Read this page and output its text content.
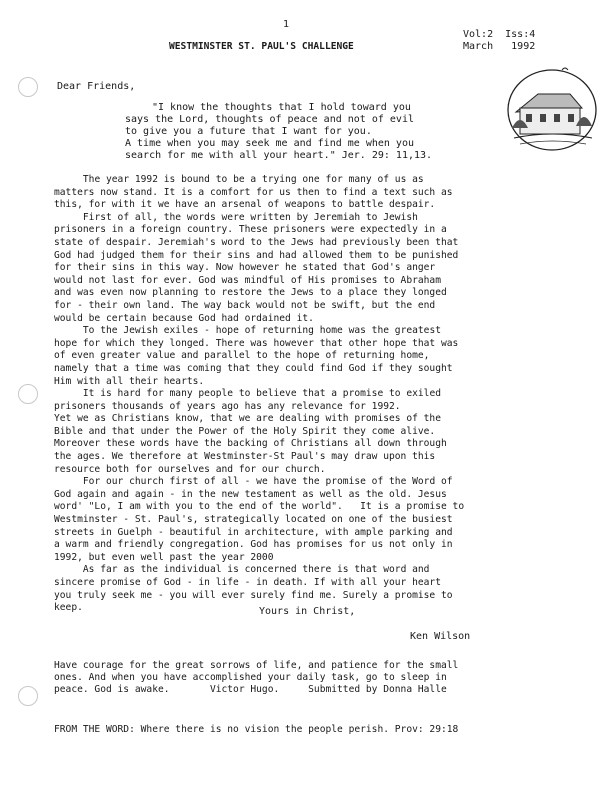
1
WESTMINSTER ST. PAUL'S CHALLENGE
Vol:2  Iss:4
March   1992
Dear Friends,
"I know the thoughts that I hold toward you
says the Lord, thoughts of peace and not of evil
to give you a future that I want for you.
A time when you may seek me and find me when you
search for me with all your heart." Jer. 29: 11,13.

The year 1992 is bound to be a trying one for many of us as
matters now stand. It is a comfort for us then to find a text such as
this, for with it we have an arsenal of weapons to battle despair.

First of all, the words were written by Jeremiah to Jewish
prisoners in a foreign country. These prisoners were expectedly in a
state of despair. Jeremiah's word to the Jews had previously been that
God had judged them for their sins and had allowed them to be punished
for their sins in this way. Now however he stated that God's anger
would not last for ever. God was mindful of His promises to Abraham
and was even now planning to restore the Jews to a place they longed
for - their own land. The way back would not be swift, but the end
would be certain because God had ordained it.

To the Jewish exiles - hope of returning home was the greatest
hope for which they longed. There was however that other hope that was
of even greater value and parallel to the hope of returning home,
namely that a time was coming that they could find God if they sought
Him with all their hearts.

It is hard for many people to believe that a promise to exiled
prisoners thousands of years ago has any relevance for 1992.
Yet we as Christians know, that we are dealing with promises of the
Bible and that under the Power of the Holy Spirit they come alive.
Moreover these words have the backing of Christians all down through
the ages. We therefore at Westminster-St Paul's may draw upon this
resource both for ourselves and for our church.

For our church first of all - we have the promise of the Word of
God again and again - in the new testament as well as the old. Jesus
word' "Lo, I am with you to the end of the world".   It is a promise to
Westminster - St. Paul's, strategically located on one of the busiest
streets in Guelph - beautiful in architecture, with ample parking and
a warm and friendly congregation. God has promises for us not only in
1992, but even well past the year 2000

As far as the individual is concerned there is that word and
sincere promise of God - in life - in death. If with all your heart
you truly seek me - you will ever surely find me. Surely a promise to
keep.	Yours in Christ,
Ken Wilson
Have courage for the great sorrows of life, and patience for the small
ones. And when you have accomplished your daily task, go to sleep in
peace. God is awake.       Victor Hugo.     Submitted by Donna Halle
FROM THE WORD: Where there is no vision the people perish. Prov: 29:18
